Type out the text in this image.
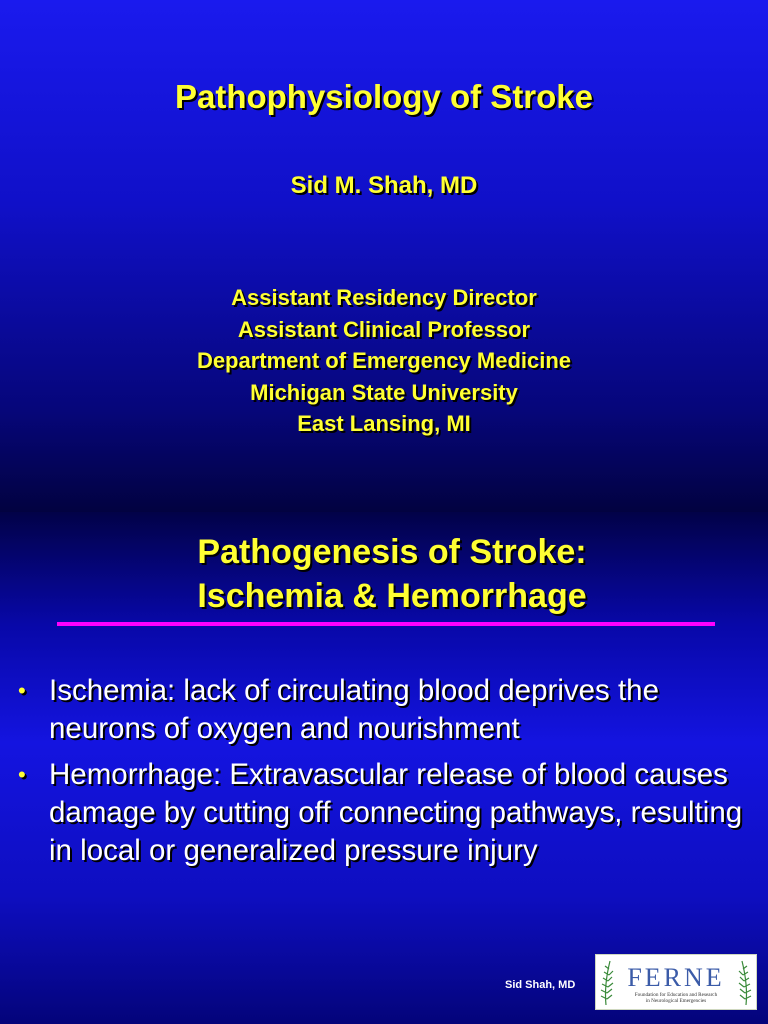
Pathophysiology of Stroke
Sid M. Shah, MD
Assistant Residency Director
Assistant Clinical Professor
Department of Emergency Medicine
Michigan State University
East Lansing, MI
Pathogenesis of Stroke:
Ischemia & Hemorrhage
• Ischemia: lack of circulating blood deprives the neurons of oxygen and nourishment
• Hemorrhage: Extravascular release of blood causes damage by cutting off connecting pathways, resulting in local or generalized pressure injury
Sid Shah, MD FERNE
Foundation for Education and Research
in Neurological Emergencies
